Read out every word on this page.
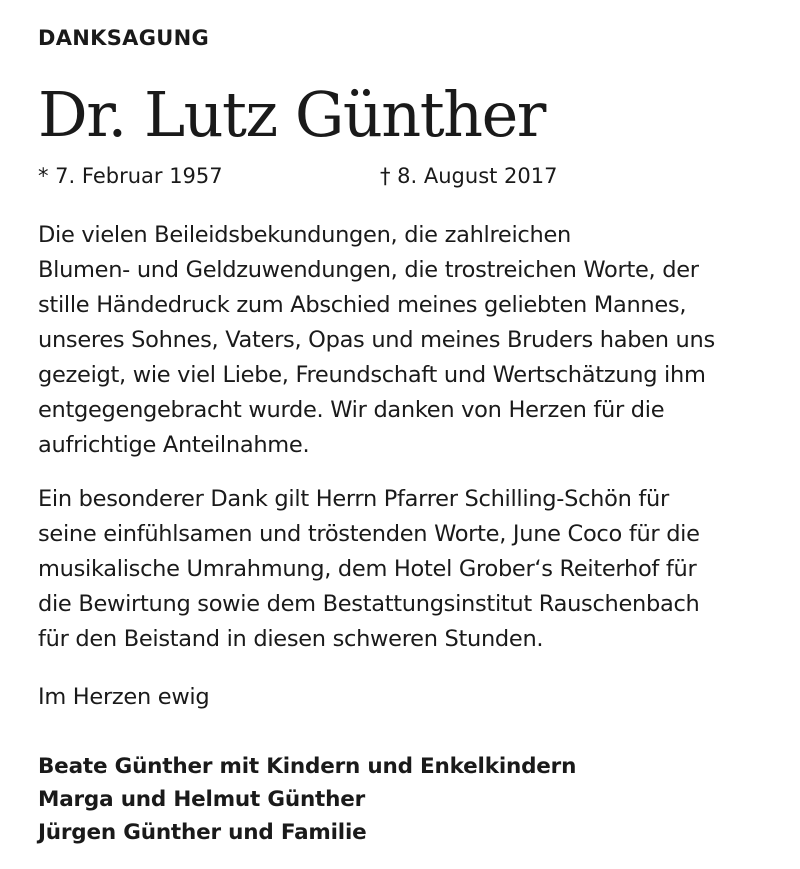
DANKSAGUNG
Dr. Lutz Günther
* 7. Februar 1957	† 8. August 2017
Die vielen Beileidsbekundungen, die zahlreichen
Blumen- und Geldzuwendungen, die trostreichen Worte, der
stille Händedruck zum Abschied meines geliebten Mannes,
unseres Sohnes, Vaters, Opas und meines Bruders haben uns
gezeigt, wie viel Liebe, Freundschaft und Wertschätzung ihm
entgegengebracht wurde. Wir danken von Herzen für die
aufrichtige Anteilnahme.
Ein besonderer Dank gilt Herrn Pfarrer Schilling-Schön für
seine einfühlsamen und tröstenden Worte, June Coco für die
musikalische Umrahmung, dem Hotel Grober‘s Reiterhof für
die Bewirtung sowie dem Bestattungsinstitut Rauschenbach
für den Beistand in diesen schweren Stunden.
Im Herzen ewig
Beate Günther mit Kindern und Enkelkindern
Marga und Helmut Günther
Jürgen Günther und Familie
